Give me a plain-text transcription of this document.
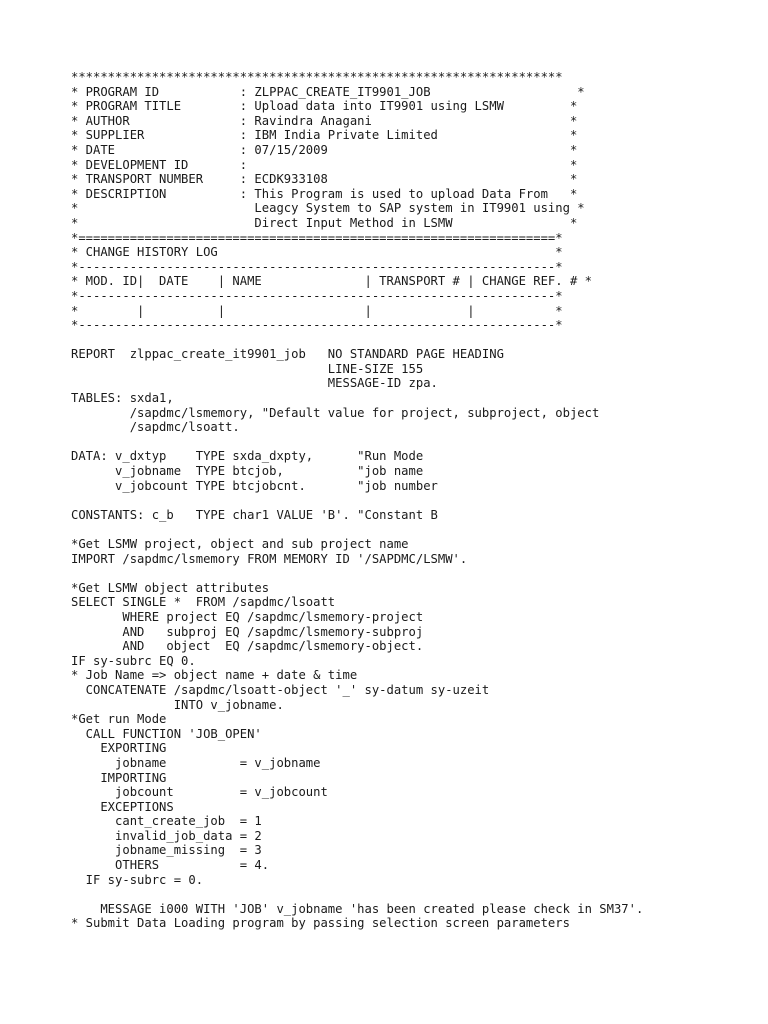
*******************************************************************
* PROGRAM ID           : ZLPPAC_CREATE_IT9901_JOB                    *
* PROGRAM TITLE        : Upload data into IT9901 using LSMW         *
* AUTHOR               : Ravindra Anagani                           *
* SUPPLIER             : IBM India Private Limited                  *
* DATE                 : 07/15/2009                                 *
* DEVELOPMENT ID       :                                            *
* TRANSPORT NUMBER     : ECDK933108                                 *
* DESCRIPTION          : This Program is used to upload Data From   *
*                        Leagcy System to SAP system in IT9901 using *
*                        Direct Input Method in LSMW                *
*=================================================================*
* CHANGE HISTORY LOG                                              *
*-----------------------------------------------------------------*
* MOD. ID|  DATE    | NAME              | TRANSPORT # | CHANGE REF. # *
*-----------------------------------------------------------------*
*        |          |                   |             |           *
*-----------------------------------------------------------------*
REPORT  zlppac_create_it9901_job   NO STANDARD PAGE HEADING
LINE-SIZE 155
MESSAGE-ID zpa.
TABLES: sxda1,
/sapdmc/lsmemory, "Default value for project, subproject, object
/sapdmc/lsoatt.
DATA: v_dxtyp    TYPE sxda_dxpty,      "Run Mode
v_jobname  TYPE btcjob,          "job name
v_jobcount TYPE btcjobcnt.       "job number
CONSTANTS: c_b   TYPE char1 VALUE 'B'. "Constant B
*Get LSMW project, object and sub project name
IMPORT /sapdmc/lsmemory FROM MEMORY ID '/SAPDMC/LSMW'.
*Get LSMW object attributes
SELECT SINGLE *  FROM /sapdmc/lsoatt
WHERE project EQ /sapdmc/lsmemory-project
AND   subproj EQ /sapdmc/lsmemory-subproj
AND   object  EQ /sapdmc/lsmemory-object.
IF sy-subrc EQ 0.
* Job Name => object name + date & time
CONCATENATE /sapdmc/lsoatt-object '_' sy-datum sy-uzeit
INTO v_jobname.
*Get run Mode
CALL FUNCTION 'JOB_OPEN'
EXPORTING
jobname          = v_jobname
IMPORTING
jobcount         = v_jobcount
EXCEPTIONS
cant_create_job  = 1
invalid_job_data = 2
jobname_missing  = 3
OTHERS           = 4.
IF sy-subrc = 0.
MESSAGE i000 WITH 'JOB' v_jobname 'has been created please check in SM37'.
* Submit Data Loading program by passing selection screen parameters
